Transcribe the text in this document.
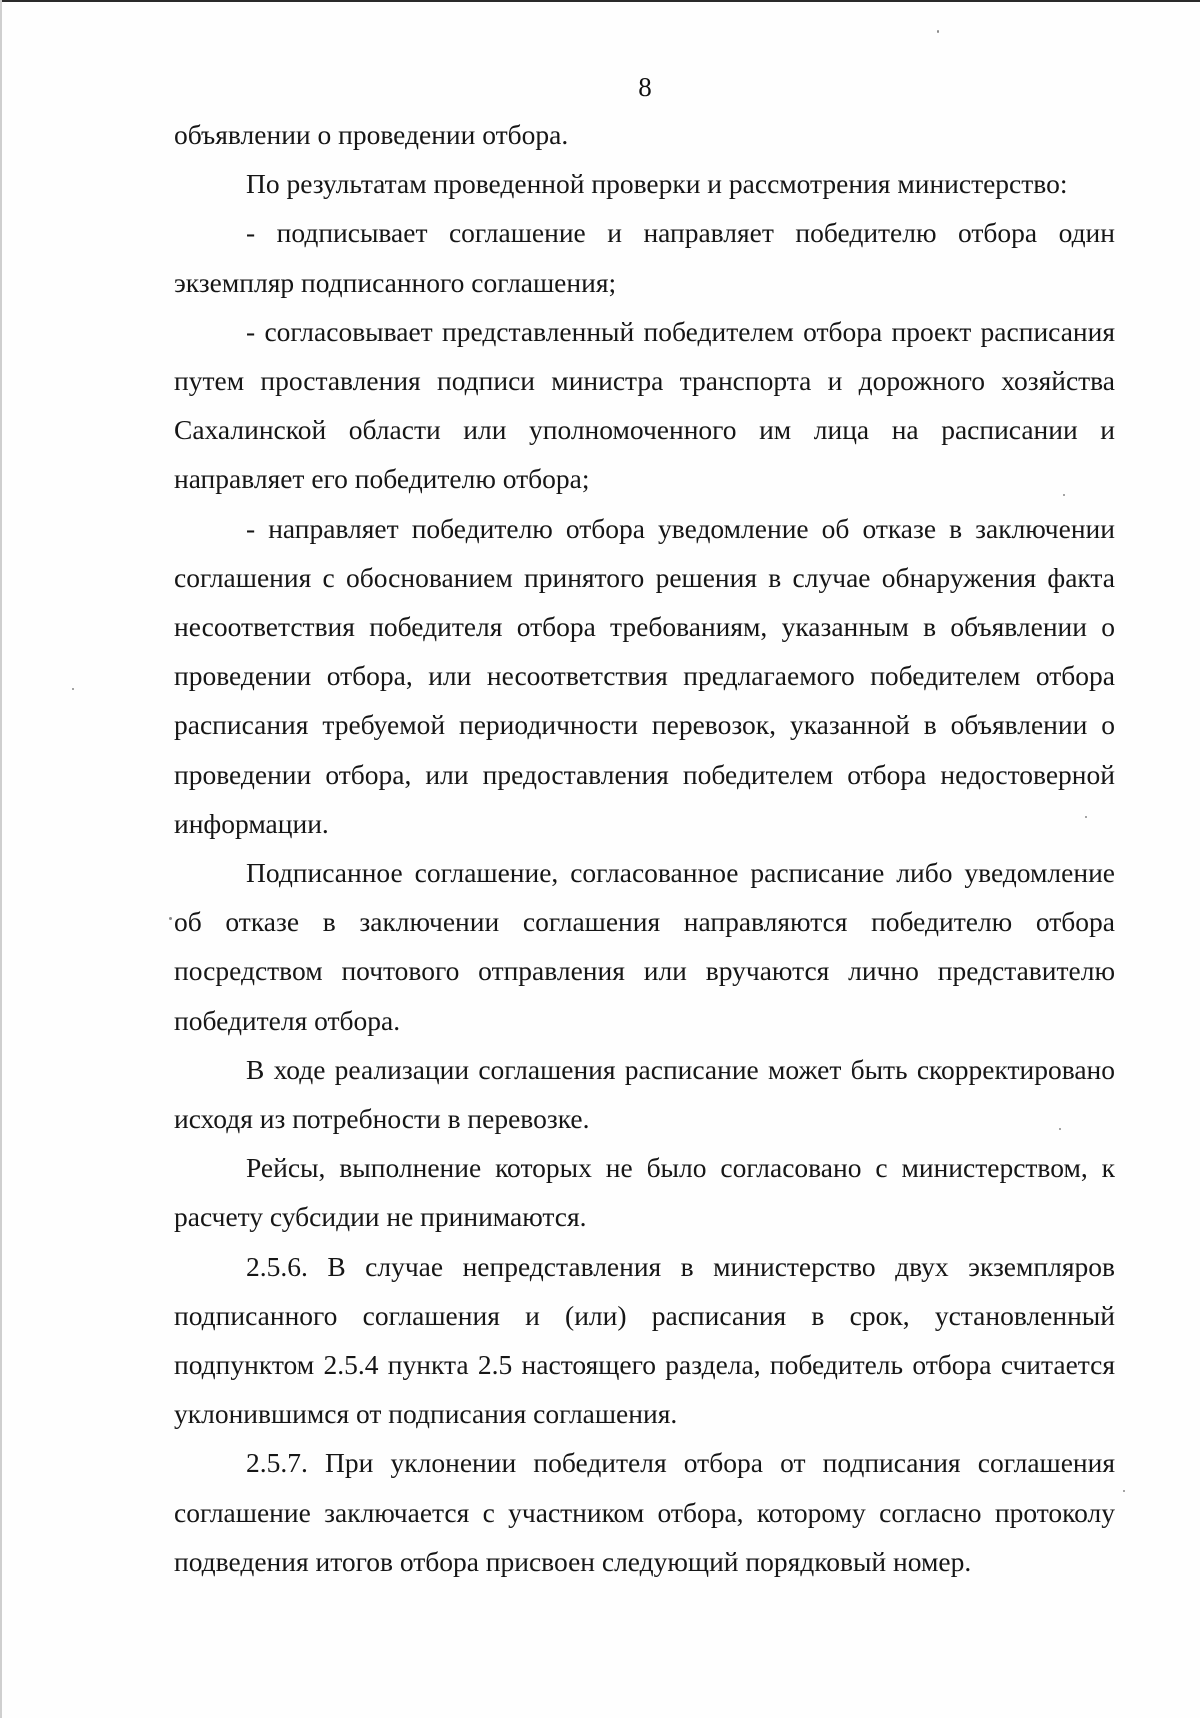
8

объявлении о проведении отбора.

По результатам проведенной проверки и рассмотрения министерство:

- подписывает соглашение и направляет победителю отбора один экземпляр подписанного соглашения;

- согласовывает представленный победителем отбора проект расписания путем проставления подписи министра транспорта и дорожного хозяйства Сахалинской области или уполномоченного им лица на расписании и направляет его победителю отбора;

- направляет победителю отбора уведомление об отказе в заключении соглашения с обоснованием принятого решения в случае обнаружения факта несоответствия победителя отбора требованиям, указанным в объявлении о проведении отбора, или несоответствия предлагаемого победителем отбора расписания требуемой периодичности перевозок, указанной в объявлении о проведении отбора, или предоставления победителем отбора недостоверной информации.

Подписанное соглашение, согласованное расписание либо уведомление об отказе в заключении соглашения направляются победителю отбора посредством почтового отправления или вручаются лично представителю победителя отбора.

В ходе реализации соглашения расписание может быть скорректировано исходя из потребности в перевозке.

Рейсы, выполнение которых не было согласовано с министерством, к расчету субсидии не принимаются.

2.5.6. В случае непредставления в министерство двух экземпляров подписанного соглашения и (или) расписания в срок, установленный подпунктом 2.5.4 пункта 2.5 настоящего раздела, победитель отбора считается уклонившимся от подписания соглашения.

2.5.7. При уклонении победителя отбора от подписания соглашения соглашение заключается с участником отбора, которому согласно протоколу подведения итогов отбора присвоен следующий порядковый номер.
